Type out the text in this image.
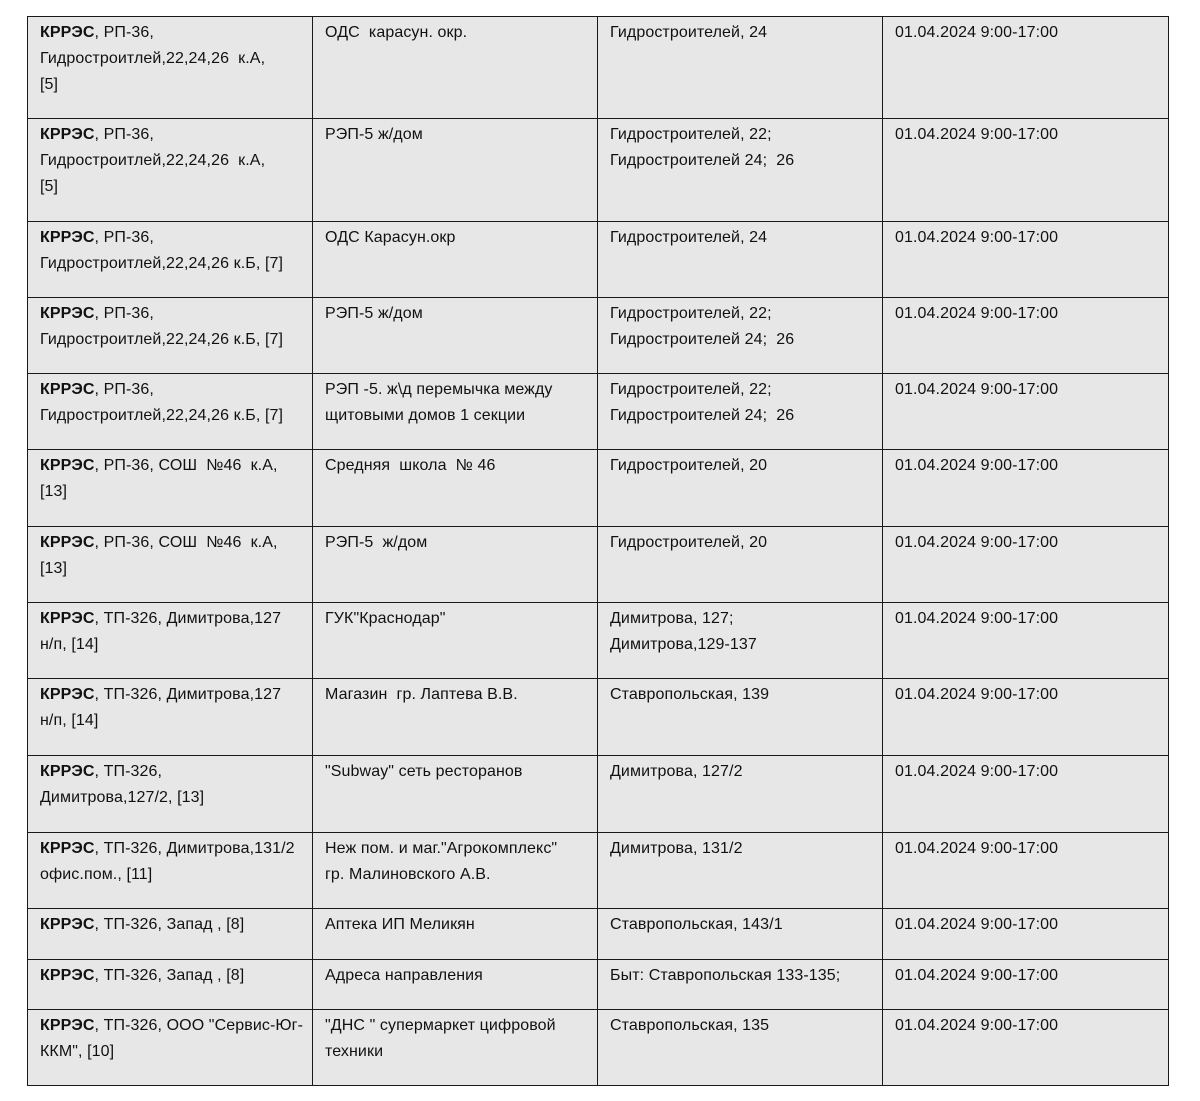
КРРЭС, РП-36,
Гидростроитлей,22,24,26  к.А,
[5]	ОДС  карасун. окр.	Гидростроителей, 24	01.04.2024 9:00-17:00

КРРЭС, РП-36,
Гидростроитлей,22,24,26  к.А,
[5]	РЭП-5 ж/дом	Гидростроителей, 22;
Гидростроителей 24;  26	01.04.2024 9:00-17:00

КРРЭС, РП-36,
Гидростроитлей,22,24,26 к.Б, [7]	ОДС Карасун.окр	Гидростроителей, 24	01.04.2024 9:00-17:00

КРРЭС, РП-36,
Гидростроитлей,22,24,26 к.Б, [7]	РЭП-5 ж/дом	Гидростроителей, 22;
Гидростроителей 24;  26	01.04.2024 9:00-17:00

КРРЭС, РП-36,
Гидростроитлей,22,24,26 к.Б, [7]	РЭП -5. ж\д перемычка между
щитовыми домов 1 секции	Гидростроителей, 22;
Гидростроителей 24;  26	01.04.2024 9:00-17:00

КРРЭС, РП-36, СОШ  №46  к.А,
[13]	Средняя  школа  № 46	Гидростроителей, 20	01.04.2024 9:00-17:00

КРРЭС, РП-36, СОШ  №46  к.А,
[13]	РЭП-5  ж/дом	Гидростроителей, 20	01.04.2024 9:00-17:00

КРРЭС, ТП-326, Димитрова,127
н/п, [14]	ГУК"Краснодар"	Димитрова, 127;
Димитрова,129-137	01.04.2024 9:00-17:00

КРРЭС, ТП-326, Димитрова,127
н/п, [14]	Магазин  гр. Лаптева В.В.	Ставропольская, 139	01.04.2024 9:00-17:00

КРРЭС, ТП-326,
Димитрова,127/2, [13]	"Subway" сеть ресторанов	Димитрова, 127/2	01.04.2024 9:00-17:00

КРРЭС, ТП-326, Димитрова,131/2
офис.пом., [11]	Неж пом. и маг."Агрокомплекс"
гр. Малиновского А.В.	Димитрова, 131/2	01.04.2024 9:00-17:00

КРРЭС, ТП-326, Запад , [8]	Аптека ИП Меликян	Ставропольская, 143/1	01.04.2024 9:00-17:00

КРРЭС, ТП-326, Запад , [8]	Адреса направления	Быт: Ставропольская 133-135;	01.04.2024 9:00-17:00

КРРЭС, ТП-326, ООО "Сервис-Юг-
ККМ", [10]	"ДНС " супермаркет цифровой
техники	Ставропольская, 135	01.04.2024 9:00-17:00
